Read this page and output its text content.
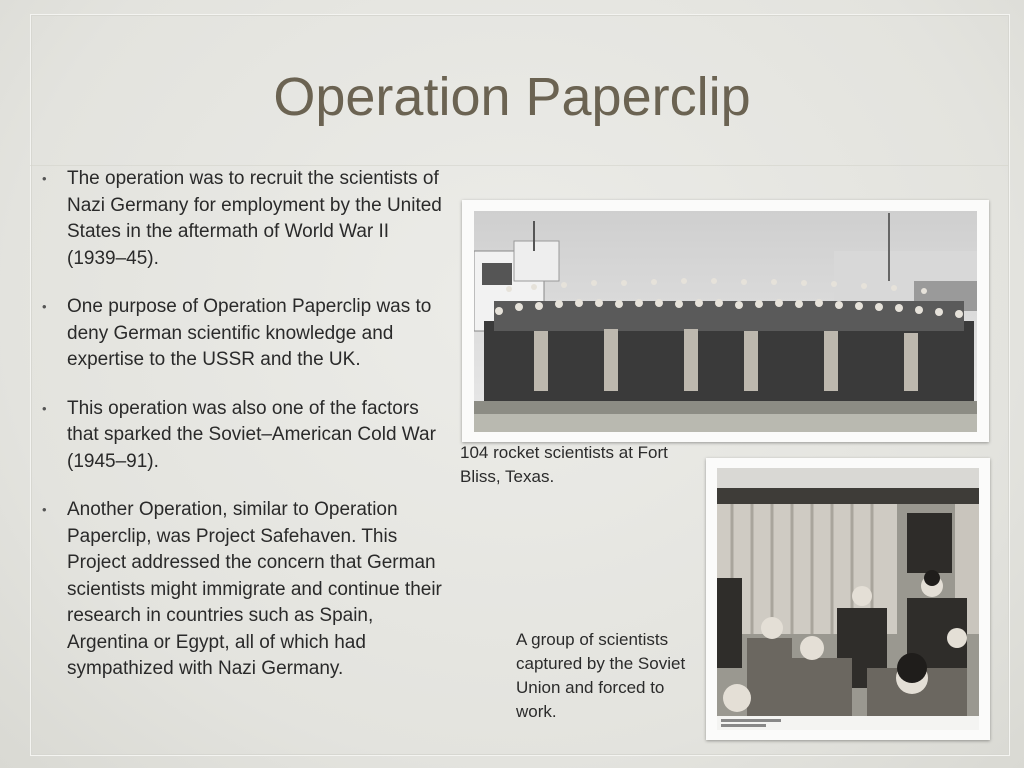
Operation Paperclip
• The operation was to recruit the scientists of Nazi Germany for employment by the United States in the aftermath of World War II (1939–45).
• One purpose of Operation Paperclip was to deny German scientific knowledge and expertise to the USSR and the UK.
• This operation was also one of the factors that sparked the Soviet–American Cold War (1945–91).
• Another Operation, similar to Operation Paperclip, was Project Safehaven. This Project addressed the concern that German scientists might immigrate and continue their research in countries such as Spain, Argentina or Egypt, all of which had sympathized with Nazi Germany.
104 rocket scientists at Fort Bliss, Texas.
A group of scientists captured by the Soviet Union and forced to work.
